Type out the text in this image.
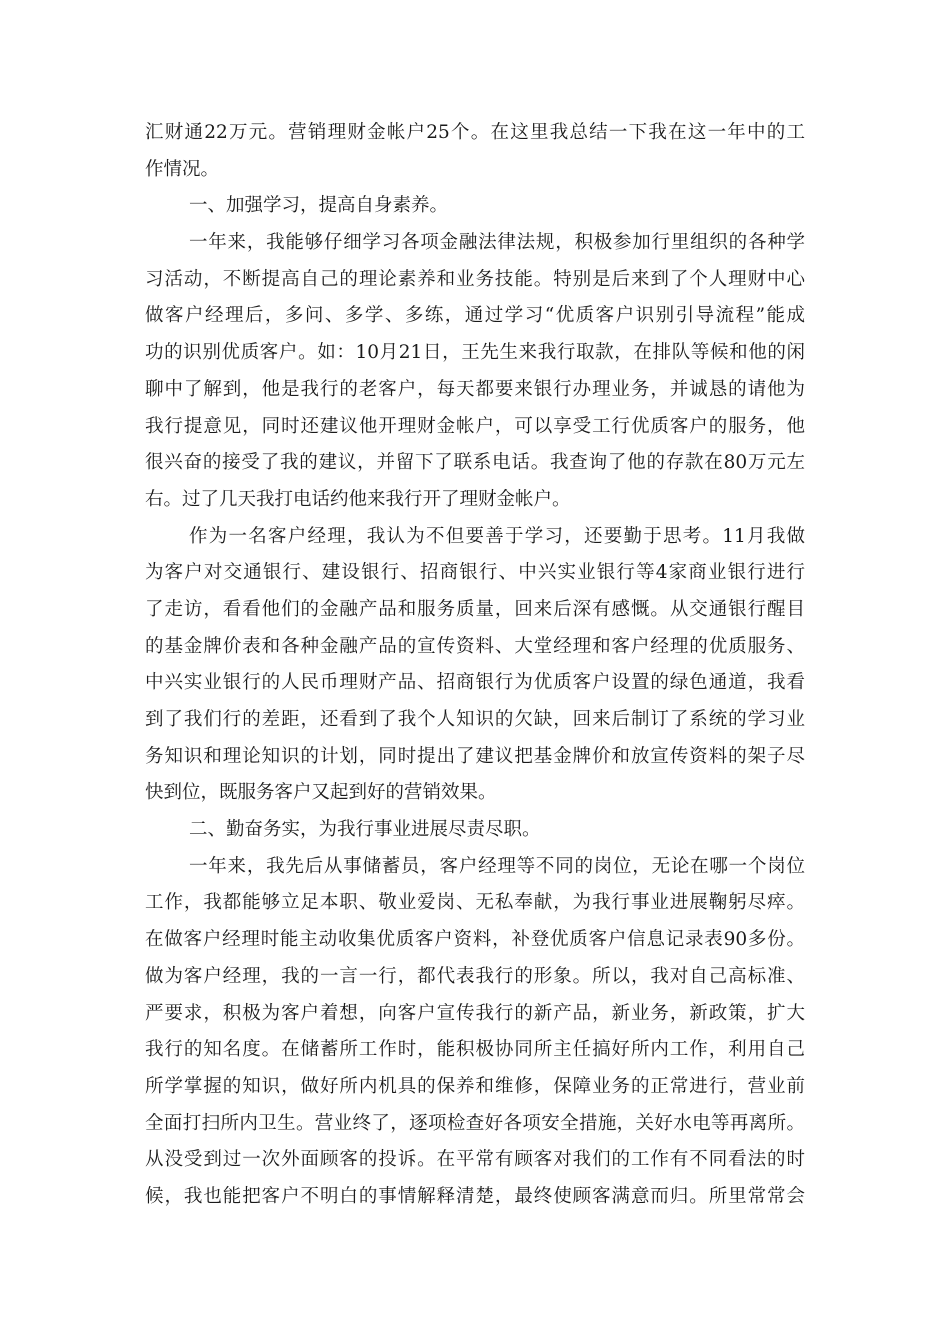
汇财通22万元。营销理财金帐户25个。在这里我总结一下我在这一年中的工
作情况。
一、加强学习，提高自身素养。
一年来，我能够仔细学习各项金融法律法规，积极参加行里组织的各种学
习活动，不断提高自己的理论素养和业务技能。特别是后来到了个人理财中心
做客户经理后，多问、多学、多练，通过学习“优质客户识别引导流程”能成
功的识别优质客户。如：10月21日，王先生来我行取款，在排队等候和他的闲
聊中了解到，他是我行的老客户，每天都要来银行办理业务，并诚恳的请他为
我行提意见，同时还建议他开理财金帐户，可以享受工行优质客户的服务，他
很兴奋的接受了我的建议，并留下了联系电话。我查询了他的存款在80万元左
右。过了几天我打电话约他来我行开了理财金帐户。
作为一名客户经理，我认为不但要善于学习，还要勤于思考。11月我做
为客户对交通银行、建设银行、招商银行、中兴实业银行等4家商业银行进行
了走访，看看他们的金融产品和服务质量，回来后深有感慨。从交通银行醒目
的基金牌价表和各种金融产品的宣传资料、大堂经理和客户经理的优质服务、
中兴实业银行的人民币理财产品、招商银行为优质客户设置的绿色通道，我看
到了我们行的差距，还看到了我个人知识的欠缺，回来后制订了系统的学习业
务知识和理论知识的计划，同时提出了建议把基金牌价和放宣传资料的架子尽
快到位，既服务客户又起到好的营销效果。
二、勤奋务实，为我行事业进展尽责尽职。
一年来，我先后从事储蓄员，客户经理等不同的岗位，无论在哪一个岗位
工作，我都能够立足本职、敬业爱岗、无私奉献，为我行事业进展鞠躬尽瘁。
在做客户经理时能主动收集优质客户资料，补登优质客户信息记录表90多份。
做为客户经理，我的一言一行，都代表我行的形象。所以，我对自己高标准、
严要求，积极为客户着想，向客户宣传我行的新产品，新业务，新政策，扩大
我行的知名度。在储蓄所工作时，能积极协同所主任搞好所内工作，利用自己
所学掌握的知识，做好所内机具的保养和维修，保障业务的正常进行，营业前
全面打扫所内卫生。营业终了，逐项检查好各项安全措施，关好水电等再离所。
从没受到过一次外面顾客的投诉。在平常有顾客对我们的工作有不同看法的时
候，我也能把客户不明白的事情解释清楚，最终使顾客满意而归。所里常常会
